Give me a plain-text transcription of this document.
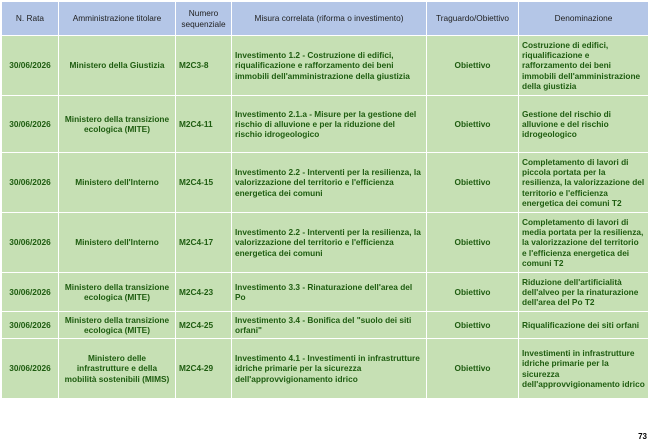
N. Rata	Amministrazione titolare	Numero sequenziale	Misura correlata (riforma o investimento)	Traguardo/Obiettivo	Denominazione
30/06/2026	Ministero della Giustizia	M2C3-8	Investimento 1.2 - Costruzione di edifici, riqualificazione e rafforzamento dei beni immobili dell'amministrazione della giustizia	Obiettivo	Costruzione di edifici, riqualificazione e rafforzamento dei beni immobili dell'amministrazione della giustizia
30/06/2026	Ministero della transizione ecologica (MITE)	M2C4-11	Investimento 2.1.a - Misure per la gestione del rischio di alluvione e per la riduzione del rischio idrogeologico	Obiettivo	Gestione del rischio di alluvione e del rischio idrogeologico
30/06/2026	Ministero dell'Interno	M2C4-15	Investimento 2.2 - Interventi per la resilienza, la valorizzazione del territorio e l'efficienza energetica dei comuni	Obiettivo	Completamento di lavori di piccola portata per la resilienza, la valorizzazione del territorio e l'efficienza energetica dei comuni T2
30/06/2026	Ministero dell'Interno	M2C4-17	Investimento 2.2 - Interventi per la resilienza, la valorizzazione del territorio e l'efficienza energetica dei comuni	Obiettivo	Completamento di lavori di media portata per la resilienza, la valorizzazione del territorio e l'efficienza energetica dei comuni T2
30/06/2026	Ministero della transizione ecologica (MITE)	M2C4-23	Investimento 3.3 - Rinaturazione dell'area del Po	Obiettivo	Riduzione dell'artificialità dell'alveo per la rinaturazione dell'area del Po T2
30/06/2026	Ministero della transizione ecologica (MITE)	M2C4-25	Investimento 3.4 - Bonifica del "suolo dei siti orfani"	Obiettivo	Riqualificazione dei siti orfani
30/06/2026	Ministero delle infrastrutture e della mobilità sostenibili (MIMS)	M2C4-29	Investimento 4.1 - Investimenti in infrastrutture idriche primarie per la sicurezza dell'approvvigionamento idrico	Obiettivo	Investimenti in infrastrutture idriche primarie per la sicurezza dell'approvvigionamento idrico
73
